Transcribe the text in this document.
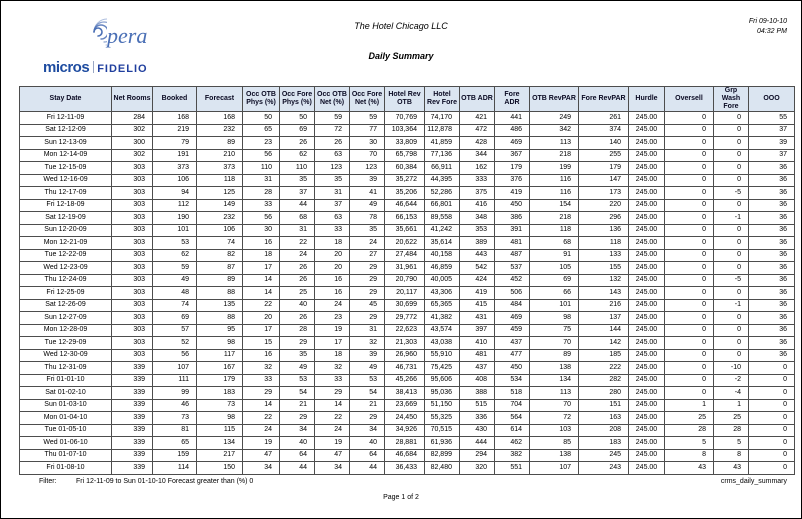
pera
micros FIDELIO
The Hotel Chicago LLC
Daily Summary
Fri 09-10-10
04:32 PM
Stay Date	Net Rooms	Booked	Forecast	Occ OTB Phys (%)	Occ Fore Phys (%)	Occ OTB Net (%)	Occ Fore Net (%)	Hotel Rev OTB	Hotel Rev Fore	OTB ADR	Fore ADR	OTB RevPAR	Fore RevPAR	Hurdle	Oversell	Grp Wash Fore	OOO
Fri 12-11-09	284	168	168	50	50	59	59	70,769	74,170	421	441	249	261	245.00	0	0	55
Sat 12-12-09	302	219	232	65	69	72	77	103,364	112,878	472	486	342	374	245.00	0	0	37
Sun 12-13-09	300	79	89	23	26	26	30	33,809	41,859	428	469	113	140	245.00	0	0	39
Mon 12-14-09	302	191	210	56	62	63	70	65,798	77,136	344	367	218	255	245.00	0	0	37
Tue 12-15-09	303	373	373	110	110	123	123	60,384	66,911	162	179	199	179	245.00	0	0	36
Wed 12-16-09	303	106	118	31	35	35	39	35,272	44,395	333	376	116	147	245.00	0	0	36
Thu 12-17-09	303	94	125	28	37	31	41	35,206	52,286	375	419	116	173	245.00	0	-5	36
Fri 12-18-09	303	112	149	33	44	37	49	46,644	66,801	416	450	154	220	245.00	0	0	36
Sat 12-19-09	303	190	232	56	68	63	78	66,153	89,558	348	386	218	296	245.00	0	-1	36
Sun 12-20-09	303	101	106	30	31	33	35	35,661	41,242	353	391	118	136	245.00	0	0	36
Mon 12-21-09	303	53	74	16	22	18	24	20,622	35,614	389	481	68	118	245.00	0	0	36
Tue 12-22-09	303	62	82	18	24	20	27	27,484	40,158	443	487	91	133	245.00	0	0	36
Wed 12-23-09	303	59	87	17	26	20	29	31,961	46,859	542	537	105	155	245.00	0	0	36
Thu 12-24-09	303	49	89	14	26	16	29	20,790	40,005	424	452	69	132	245.00	0	-5	36
Fri 12-25-09	303	48	88	14	25	16	29	20,117	43,306	419	506	66	143	245.00	0	0	36
Sat 12-26-09	303	74	135	22	40	24	45	30,699	65,365	415	484	101	216	245.00	0	-1	36
Sun 12-27-09	303	69	88	20	26	23	29	29,772	41,382	431	469	98	137	245.00	0	0	36
Mon 12-28-09	303	57	95	17	28	19	31	22,623	43,574	397	459	75	144	245.00	0	0	36
Tue 12-29-09	303	52	98	15	29	17	32	21,303	43,038	410	437	70	142	245.00	0	0	36
Wed 12-30-09	303	56	117	16	35	18	39	26,960	55,910	481	477	89	185	245.00	0	0	36
Thu 12-31-09	339	107	167	32	49	32	49	46,731	75,425	437	450	138	222	245.00	0	-10	0
Fri 01-01-10	339	111	179	33	53	33	53	45,266	95,606	408	534	134	282	245.00	0	-2	0
Sat 01-02-10	339	99	183	29	54	29	54	38,413	95,036	388	518	113	280	245.00	0	-4	0
Sun 01-03-10	339	46	73	14	21	14	21	23,669	51,150	515	704	70	151	245.00	1	1	0
Mon 01-04-10	339	73	98	22	29	22	29	24,450	55,325	336	564	72	163	245.00	25	25	0
Tue 01-05-10	339	81	115	24	34	24	34	34,926	70,515	430	614	103	208	245.00	28	28	0
Wed 01-06-10	339	65	134	19	40	19	40	28,881	61,936	444	462	85	183	245.00	5	5	0
Thu 01-07-10	339	159	217	47	64	47	64	46,684	82,899	294	382	138	245	245.00	8	8	0
Fri 01-08-10	339	114	150	34	44	34	44	36,433	82,480	320	551	107	243	245.00	43	43	0
Filter:	Fri 12-11-09 to Sun 01-10-10 Forecast greater than (%) 0	crms_daily_summary
Page 1 of 2
